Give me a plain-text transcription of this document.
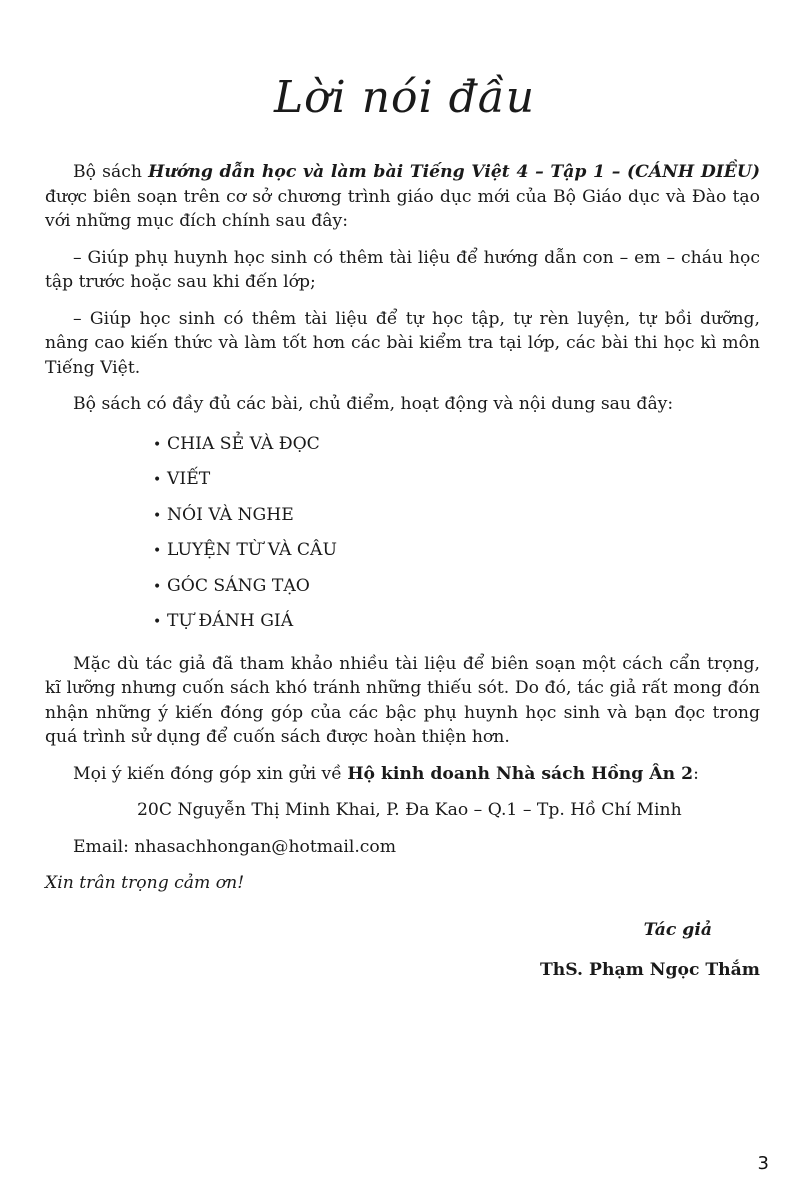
Lời nói đầu

Bộ sách Hướng dẫn học và làm bài Tiếng Việt 4 – Tập 1 – (CÁNH DIỀU) được biên soạn trên cơ sở chương trình giáo dục mới của Bộ Giáo dục và Đào tạo với những mục đích chính sau đây:

– Giúp phụ huynh học sinh có thêm tài liệu để hướng dẫn con – em – cháu học tập trước hoặc sau khi đến lớp;

– Giúp học sinh có thêm tài liệu để tự học tập, tự rèn luyện, tự bồi dưỡng, nâng cao kiến thức và làm tốt hơn các bài kiểm tra tại lớp, các bài thi học kì môn Tiếng Việt.

Bộ sách có đầy đủ các bài, chủ điểm, hoạt động và nội dung sau đây:

• CHIA SẺ VÀ ĐỌC
• VIẾT
• NÓI VÀ NGHE
• LUYỆN TỪ VÀ CÂU
• GÓC SÁNG TẠO
• TỰ ĐÁNH GIÁ

Mặc dù tác giả đã tham khảo nhiều tài liệu để biên soạn một cách cẩn trọng, kĩ lưỡng nhưng cuốn sách khó tránh những thiếu sót. Do đó, tác giả rất mong đón nhận những ý kiến đóng góp của các bậc phụ huynh học sinh và bạn đọc trong quá trình sử dụng để cuốn sách được hoàn thiện hơn.

Mọi ý kiến đóng góp xin gửi về Hộ kinh doanh Nhà sách Hồng Ân 2:

20C Nguyễn Thị Minh Khai, P. Đa Kao – Q.1 – Tp. Hồ Chí Minh

Email: nhasachhongan@hotmail.com

Xin trân trọng cảm ơn!

Tác giả

ThS. Phạm Ngọc Thắm

3
